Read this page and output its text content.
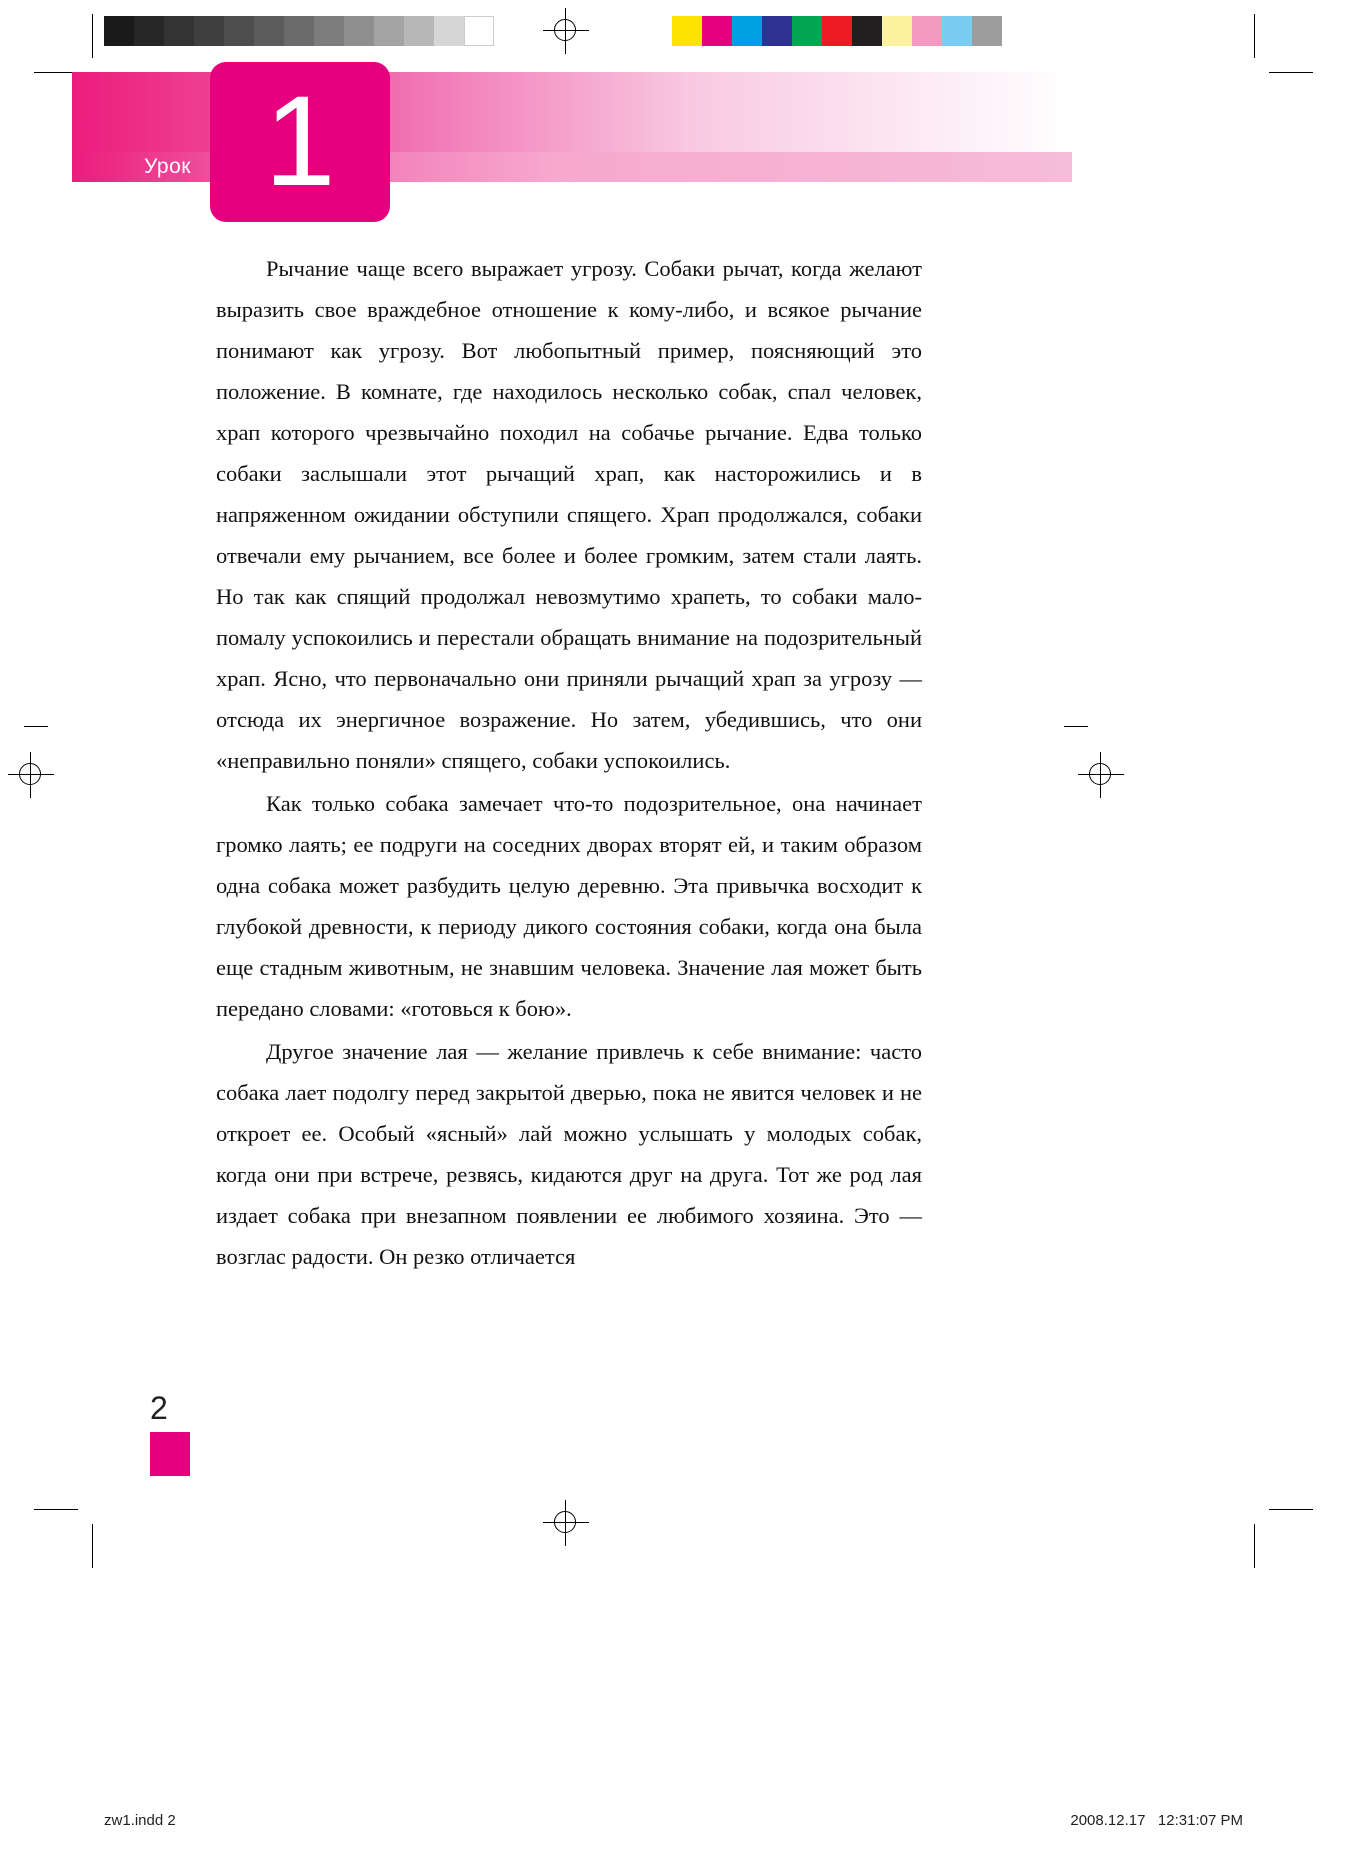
Урок 1

Рычание чаще всего выражает угрозу. Собаки рычат, когда желают выразить свое враждебное отношение к кому-либо, и всякое рычание понимают как угрозу. Вот любопытный пример, поясняющий это положение. В комнате, где находилось несколько собак, спал человек, храп которого чрезвычайно походил на собачье рычание. Едва только собаки заслышали этот рычащий храп, как насторожились и в напряженном ожидании обступили спящего. Храп продолжался, собаки отвечали ему рычанием, все более и более громким, затем стали лаять. Но так как спящий продолжал невозмутимо храпеть, то собаки мало-помалу успокоились и перестали обращать внимание на подозрительный храп. Ясно, что первоначально они приняли рычащий храп за угрозу — отсюда их энергичное возражение. Но затем, убедившись, что они «неправильно поняли» спящего, собаки успокоились.

Как только собака замечает что-то подозрительное, она начинает громко лаять; ее подруги на соседних дворах вторят ей, и таким образом одна собака может разбудить целую деревню. Эта привычка восходит к глубокой древности, к периоду дикого состояния собаки, когда она была еще стадным животным, не знавшим человека. Значение лая может быть передано словами: «готовься к бою».

Другое значение лая — желание привлечь к себе внимание: часто собака лает подолгу перед закрытой дверью, пока не явится человек и не откроет ее. Особый «ясный» лай можно услышать у молодых собак, когда они при встрече, резвясь, кидаются друг на друга. Тот же род лая издает собака при внезапном появлении ее любимого хозяина. Это — возглас радости. Он резко отличается

2
zw1.indd 2	2008.12.17   12:31:07 PM
